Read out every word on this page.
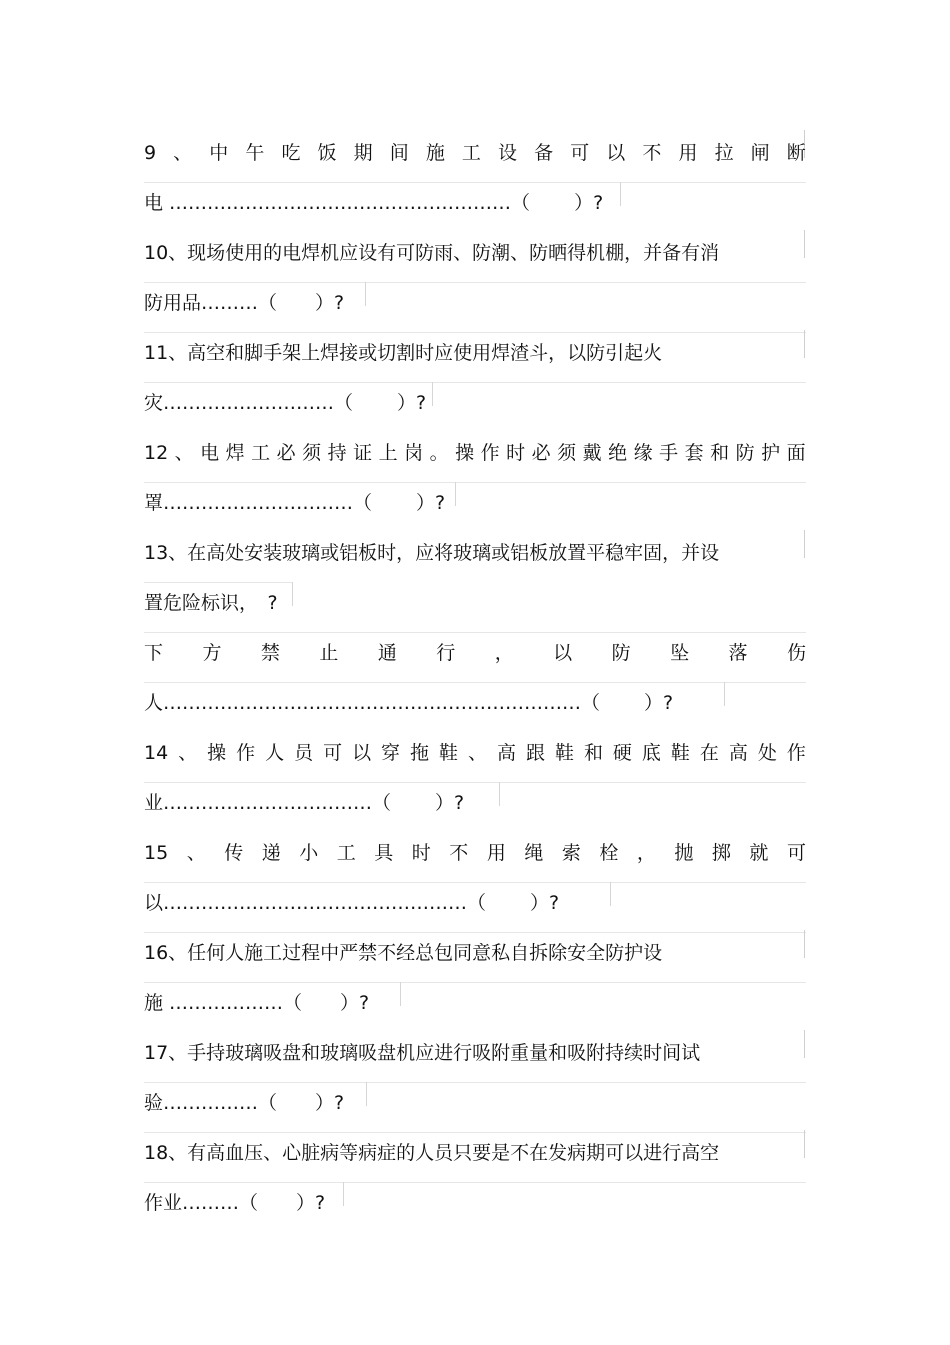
9 、 中 午 吃 饭 期 间 施 工 设 备 可 以 不 用 拉 闸 断
电 ………………………………………………（　　 ）?
10、现场使用的电焊机应设有可防雨、防潮、防晒得机棚，并备有消
防用品………（　　）?
11、高空和脚手架上焊接或切割时应使用焊渣斗，以防引起火
灾………………………（　　 ）?
12 、 电 焊 工 必 须 持 证 上 岗 。 操 作 时 必 须 戴 绝 缘 手 套 和 防 护 面
罩…………………………（　　 ）?
13、在高处安装玻璃或铝板时，应将玻璃或铝板放置平稳牢固，并设
置危险标识，　?
下 方 禁 止 通 行 ， 以 防 坠 落 伤
人…………………………………………………………（　　 ）?
14 、 操 作 人 员 可 以 穿 拖 鞋 、 高 跟 鞋 和 硬 底 鞋 在 高 处 作
业……………………………（　　 ）?
15 、 传 递 小 工 具 时 不 用 绳 索 栓 ， 抛 掷 就 可
以…………………………………………（　　 ）?
16、任何人施工过程中严禁不经总包同意私自拆除安全防护设
施 ………………（　　）?
17、手持玻璃吸盘和玻璃吸盘机应进行吸附重量和吸附持续时间试
验……………（　　）?
18、有高血压、心脏病等病症的人员只要是不在发病期可以进行高空
作业………（　　）?
